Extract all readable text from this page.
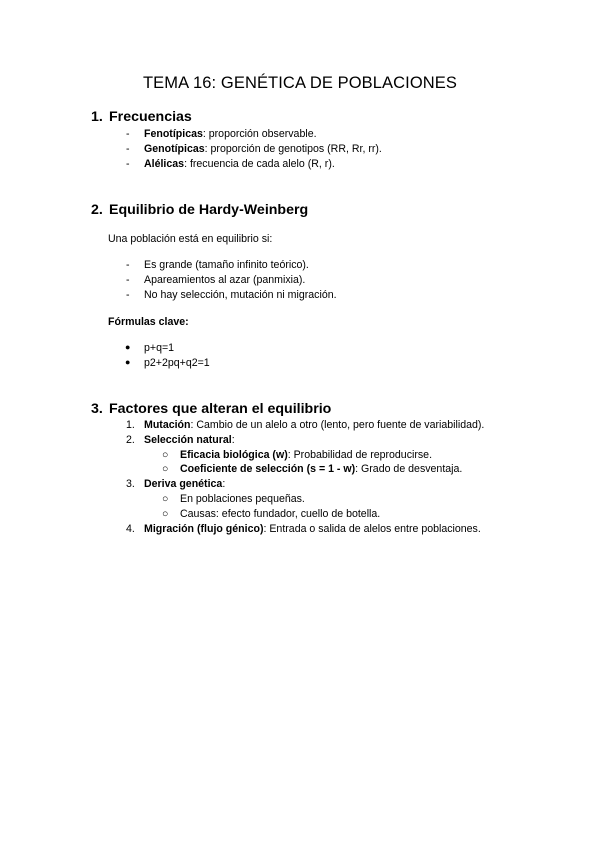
TEMA 16: GENÉTICA DE POBLACIONES
1. Frecuencias
- Fenotípicas: proporción observable.
- Genotípicas: proporción de genotipos (RR, Rr, rr).
- Alélicas: frecuencia de cada alelo (R, r).
2. Equilibrio de Hardy-Weinberg
Una población está en equilibrio si:
- Es grande (tamaño infinito teórico).
- Apareamientos al azar (panmixia).
- No hay selección, mutación ni migración.
Fórmulas clave:
● p+q=1
● p2+2pq+q2=1
3. Factores que alteran el equilibrio
1. Mutación: Cambio de un alelo a otro (lento, pero fuente de variabilidad).
2. Selección natural:
○ Eficacia biológica (w): Probabilidad de reproducirse.
○ Coeficiente de selección (s = 1 - w): Grado de desventaja.
3. Deriva genética:
○ En poblaciones pequeñas.
○ Causas: efecto fundador, cuello de botella.
4. Migración (flujo génico): Entrada o salida de alelos entre poblaciones.
